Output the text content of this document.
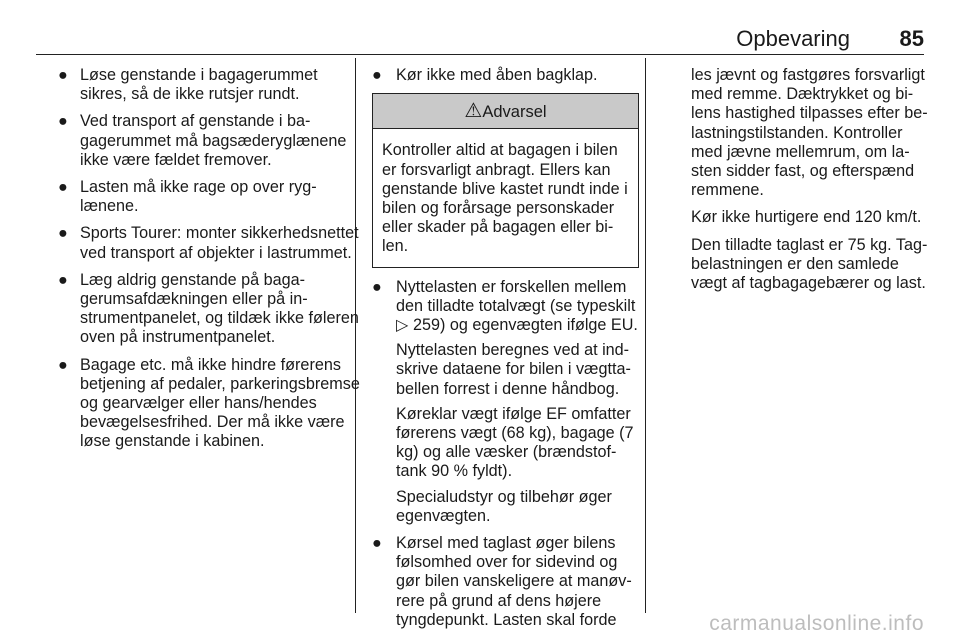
Opbevaring 85
● Løse genstande i bagagerummet sikres, så de ikke rutsjer rundt.
● Ved transport af genstande i bagagerummet må bagsæderyglænene ikke være fældet fremover.
● Lasten må ikke rage op over ryglænene.
● Sports Tourer: monter sikkerhedsnettet ved transport af objekter i lastrummet.
● Læg aldrig genstande på bagagerumsafdækningen eller på instrumentpanelet, og tildæk ikke føleren oven på instrumentpanelet.
● Bagage etc. må ikke hindre førerens betjening af pedaler, parkeringsbremse og gearvælger eller hans/hendes bevægelsesfrihed. Der må ikke være løse genstande i kabinen.
● Kør ikke med åben bagklap.
⚠Advarsel
Kontroller altid at bagagen i bilen er forsvarligt anbragt. Ellers kan genstande blive kastet rundt inde i bilen og forårsage personskader eller skader på bagagen eller bilen.
● Nyttelasten er forskellen mellem den tilladte totalvægt (se typeskilt ▷ 259) og egenvægten ifølge EU.

Nyttelasten beregnes ved at indskrive dataene for bilen i vægttabellen forrest i denne håndbog.

Køreklar vægt ifølge EF omfatter førerens vægt (68 kg), bagage (7 kg) og alle væsker (brændstoftank 90 % fyldt).

Specialudstyr og tilbehør øger egenvægten.

● Kørsel med taglast øger bilens følsomhed over for sidevind og gør bilen vanskeligere at manøvrere på grund af dens højere tyngdepunkt. Lasten skal forde

les jævnt og fastgøres forsvarligt med remme. Dæktrykket og bilens hastighed tilpasses efter belastningstilstanden. Kontroller med jævne mellemrum, om lasten sidder fast, og efterspænd remmene.

Kør ikke hurtigere end 120 km/t.

Den tilladte taglast er 75 kg. Tagbelastningen er den samlede vægt af tagbagagebærer og last.

carmanualsonline.info
